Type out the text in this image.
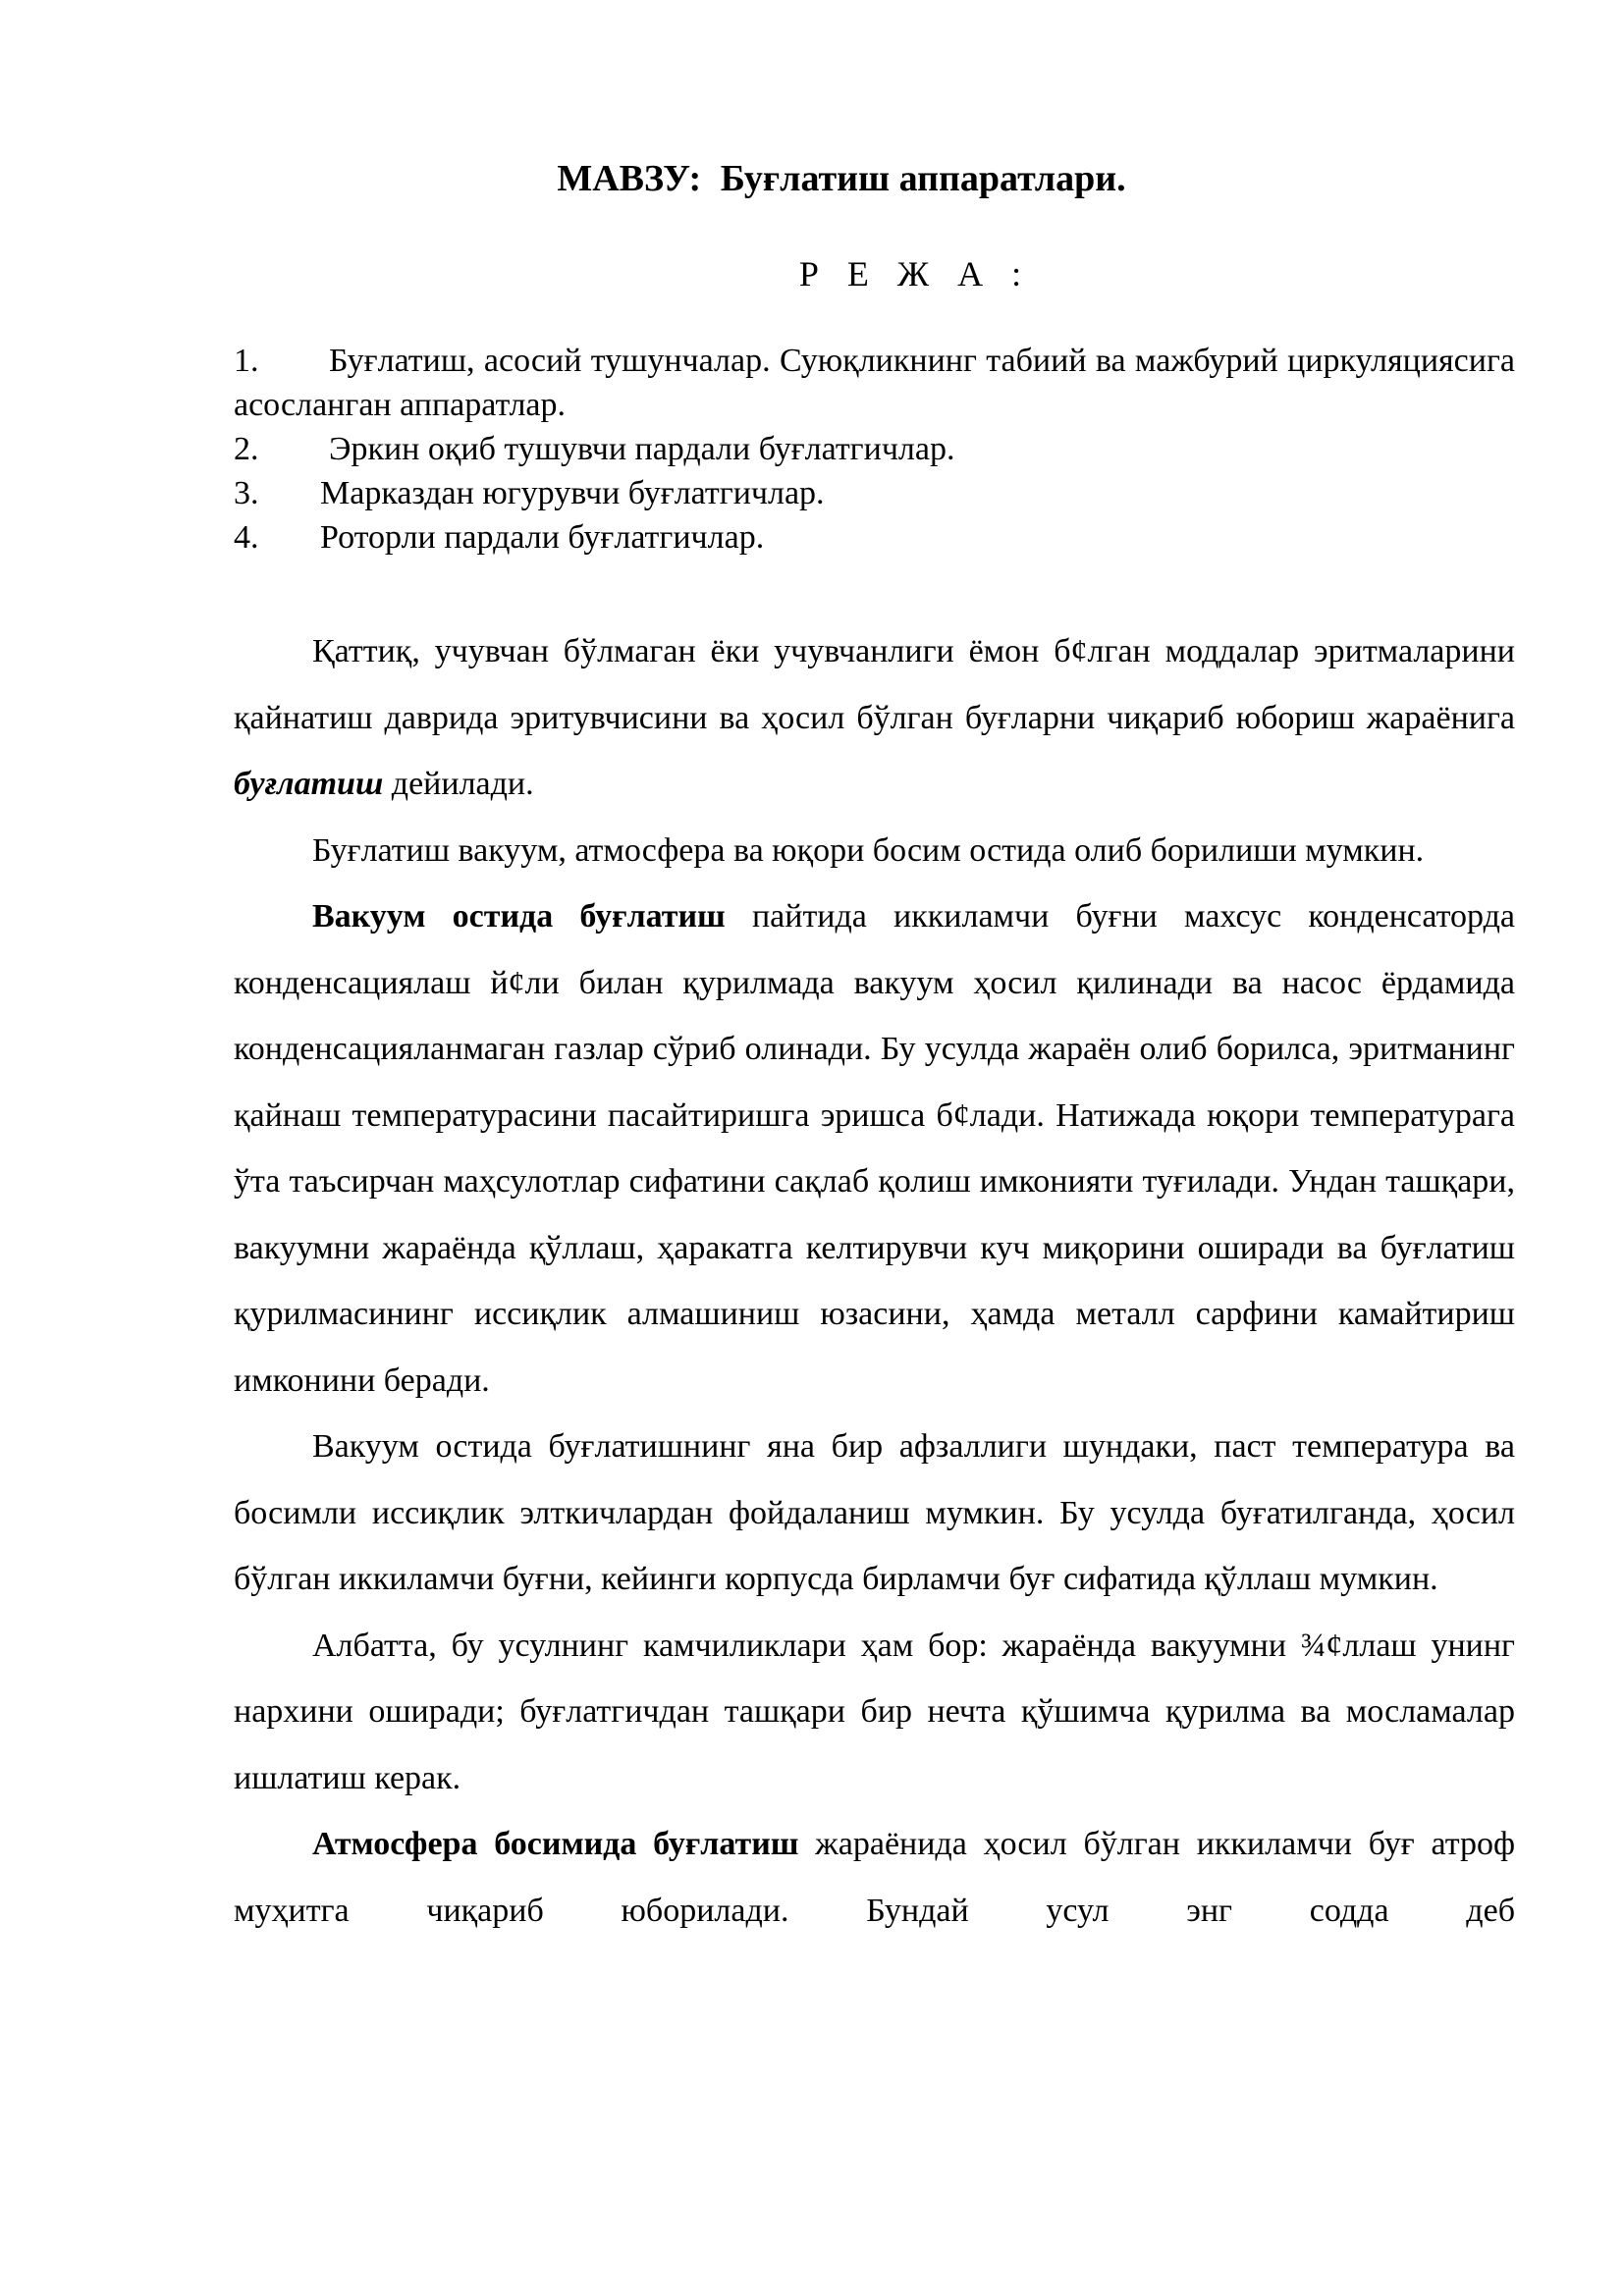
МАВЗУ: Буғлатиш аппаратлари.
Р Е Ж А :
1.	Буғлатиш, асосий тушунчалар. Суюқликнинг табиий ва мажбурий циркуляциясига асосланган аппаратлар.
2.	Эркин оқиб тушувчи пардали буғлатгичлар.
3.	Марказдан югурувчи буғлатгичлар.
4.	Роторли пардали буғлатгичлар.

Қаттиқ, учувчан бўлмаган ёки учувчанлиги ёмон б¢лган моддалар эритмаларини қайнатиш даврида эритувчисини ва ҳосил бўлган буғларни чиқариб юбориш жараёнига буғлатиш дейилади.

Буғлатиш вакуум, атмосфера ва юқори босим остида олиб борилиши мумкин.

Вакуум остида буғлатиш пайтида иккиламчи буғни махсус конденсаторда конденсациялаш й¢ли билан қурилмада вакуум ҳосил қилинади ва насос ёрдамида конденсацияланмаган газлар сўриб олинади. Бу усулда жараён олиб борилса, эритманинг қайнаш температурасини пасайтиришга эришса б¢лади. Натижада юқори температурага ўта таъсирчан маҳсулотлар сифатини сақлаб қолиш имконияти туғилади. Ундан ташқари, вакуумни жараёнда қўллаш, ҳаракатга келтирувчи куч миқорини оширади ва буғлатиш қурилмасининг иссиқлик алмашиниш юзасини, ҳамда металл сарфини камайтириш имконини беради.

Вакуум остида буғлатишнинг яна бир афзаллиги шундаки, паст температура ва босимли иссиқлик элткичлардан фойдаланиш мумкин. Бу усулда буғатилганда, ҳосил бўлган иккиламчи буғни, кейинги корпусда бирламчи буғ сифатида қўллаш мумкин.

Албатта, бу усулнинг камчиликлари ҳам бор: жараёнда вакуумни ¾¢ллаш унинг нархини оширади; буғлатгичдан ташқари бир нечта қўшимча қурилма ва мосламалар ишлатиш керак.

Атмосфера босимида буғлатиш жараёнида ҳосил бўлган иккиламчи буғ атроф муҳитга чиқариб юборилади. Бундай усул энг содда деб
